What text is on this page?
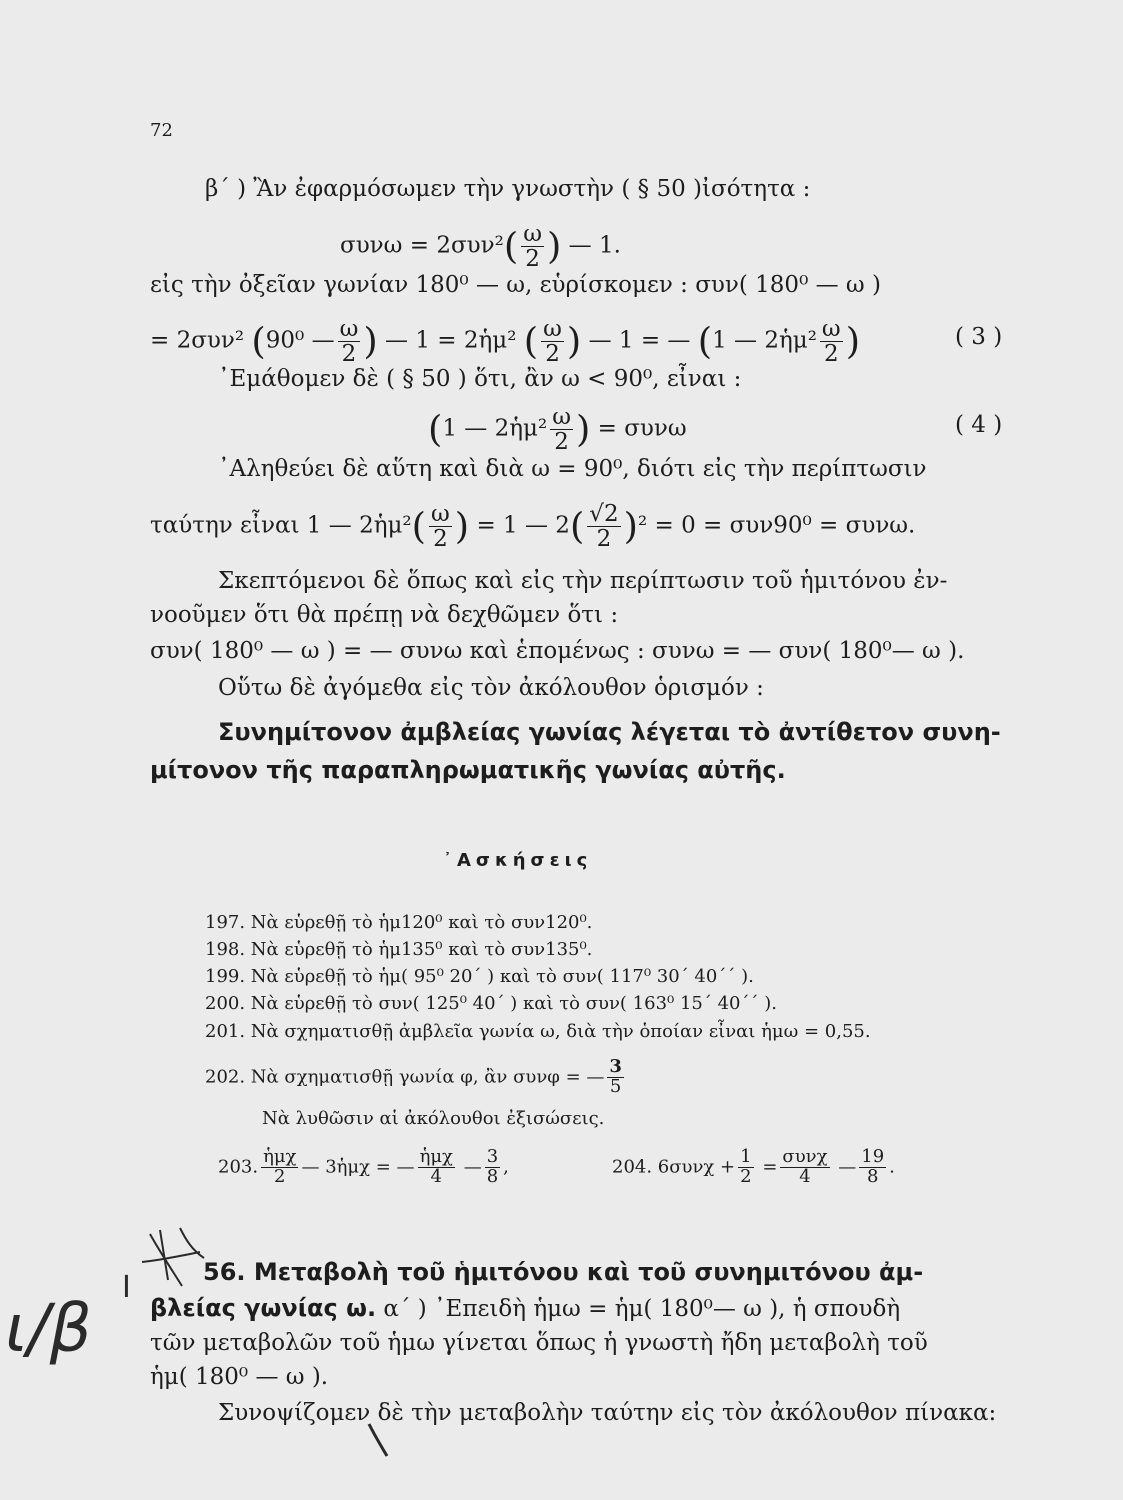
72
β΄ ) Ἂν ἐφαρμόσωμεν τὴν γνωστὴν ( § 50 )ἰσότητα :
$\sigma\upsilon\nu\omega = 2\sigma\upsilon\nu^2( \frac{\omega}{2}$ ) — 1.
εἰς τὴν ὀξεῖαν γωνίαν 180⁰ — ω, εὑρίσκομεν : συν( 180⁰ — ω )
= 2συν² (90⁰ — $\frac{\omega}{2}$ ) — 1 = 2ἡμ² ( $\frac{\omega}{2}$ ) — 1 = — (1 — 2ἡμ² $\frac{\omega}{2}$ )	( 3 )
᾿Εμάθομεν δὲ ( § 50 ) ὅτι, ἂν ω < 90⁰, εἶναι :
(1 — 2ἡμ² $\frac{\omega}{2}$ ) = συνω	( 4 )
᾿Αληθεύει δὲ αὕτη καὶ διὰ ω = 90⁰, διότι εἰς τὴν περίπτωσιν
ταύτην εἶναι 1 — 2ἡμ²( $\frac{\omega}{2}$ ) = 1 — $2( \frac{√2}{2} )^2 = 0 = \sigma\upsilon\nu 90^0 = \sigma\upsilon\nu\omega$.
Σκεπτόμενοι δὲ ὅπως καὶ εἰς τὴν περίπτωσιν τοῦ ἡμιτόνου ἐν-
νοοῦμεν ὅτι θὰ πρέπῃ νὰ δεχθῶμεν ὅτι :
συν( 180⁰ — ω ) = — συνω καὶ ἑπομένως : συνω = — συν( 180⁰— ω ).
Οὕτω δὲ ἀγόμεθα εἰς τὸν ἀκόλουθον ὁρισμόν :
Συνημίτονον ἀμβλείας γωνίας λέγεται τὸ ἀντίθετον συνη-
μίτονον τῆς παραπληρωματικῆς γωνίας αὐτῆς.
᾿Ασκήσεις
197. Νὰ εὑρεθῇ τὸ ἡμ120⁰ καὶ τὸ συν120⁰.
198. Νὰ εὑρεθῇ τὸ ἡμ135⁰ καὶ τὸ συν135⁰.
199. Νὰ εὑρεθῇ τὸ ἡμ( 95⁰ 20΄ ) καὶ τὸ συν( 117⁰ 30΄ 40΄΄ ).
200. Νὰ εὑρεθῇ τὸ συν( 125⁰ 40΄ ) καὶ τὸ συν( 163⁰ 15΄ 40΄΄ ).
201. Νὰ σχηματισθῇ ἀμβλεῖα γωνία ω, διὰ τὴν ὁποίαν εἶναι ἡμω = 0,55.
202. Νὰ σχηματισθῇ γωνία φ, ἂν συνφ = — $\frac{3}{5}$
Νὰ λυθῶσιν αἱ ἀκόλουθοι ἐξισώσεις.
203. $\frac{\text{ἡμχ}}{2}$ — 3ἡμχ = — $\frac{\text{ἡμχ}}{4}$ — $\frac{3}{8}$ ,	204. $6\sigma\upsilon\nu\chi + \frac{1}{2} = \frac{\text{συνχ}}{4}$ — $\frac{19}{8}$ .
56. Μεταβολὴ τοῦ ἡμιτόνου καὶ τοῦ συνημιτόνου ἀμ-
βλείας γωνίας ω. α΄ ) ᾿Επειδὴ ἡμω = ἡμ( 180⁰— ω ), ἡ σπουδὴ
τῶν μεταβολῶν τοῦ ἡμω γίνεται ὅπως ἡ γνωστὴ ἤδη μεταβολὴ τοῦ
ἡμ( 180⁰ — ω ).
Συνοψίζομεν δὲ τὴν μεταβολὴν ταύτην εἰς τὸν ἀκόλουθον πίνακα:
I
ι/β
